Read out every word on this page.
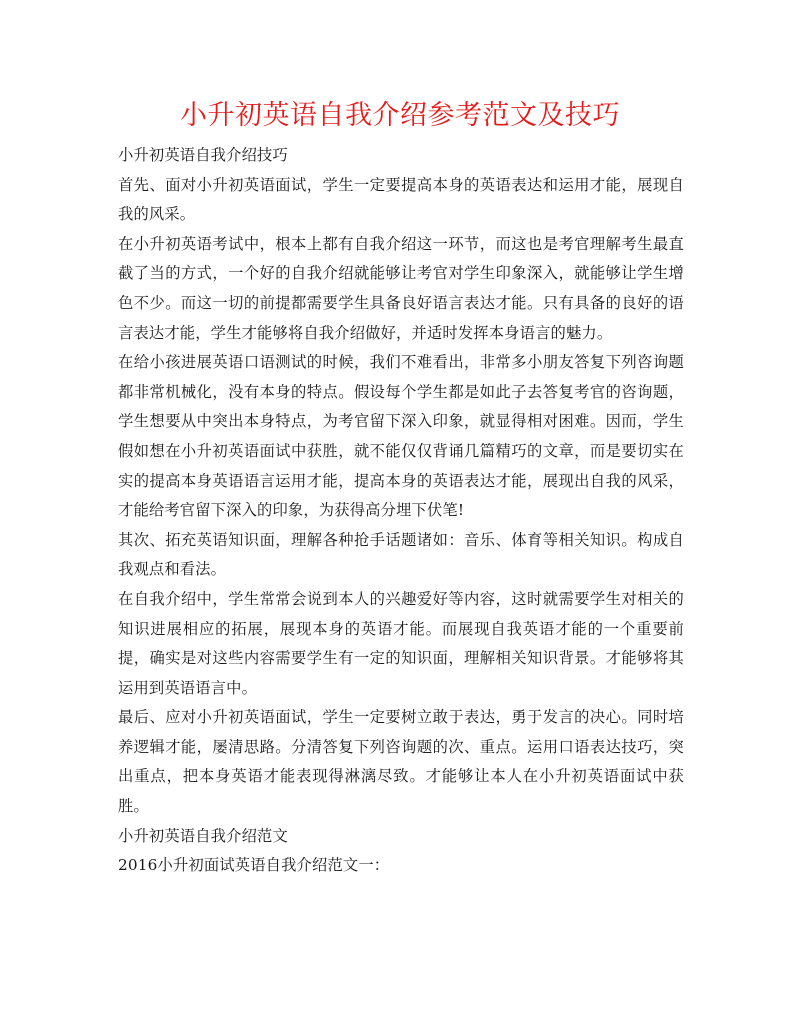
小升初英语自我介绍参考范文及技巧

小升初英语自我介绍技巧

首先、面对小升初英语面试，学生一定要提高本身的英语表达和运用才能，展现自我的风采。

在小升初英语考试中，根本上都有自我介绍这一环节，而这也是考官理解考生最直截了当的方式，一个好的自我介绍就能够让考官对学生印象深入，就能够让学生增色不少。而这一切的前提都需要学生具备良好语言表达才能。只有具备的良好的语言表达才能，学生才能够将自我介绍做好，并适时发挥本身语言的魅力。

在给小孩进展英语口语测试的时候，我们不难看出，非常多小朋友答复下列咨询题都非常机械化，没有本身的特点。假设每个学生都是如此子去答复考官的咨询题，学生想要从中突出本身特点，为考官留下深入印象，就显得相对困难。因而，学生假如想在小升初英语面试中获胜，就不能仅仅背诵几篇精巧的文章，而是要切实在实的提高本身英语语言运用才能，提高本身的英语表达才能，展现出自我的风采，才能给考官留下深入的印象，为获得高分埋下伏笔!

其次、拓充英语知识面，理解各种抢手话题诸如：音乐、体育等相关知识。构成自我观点和看法。

在自我介绍中，学生常常会说到本人的兴趣爱好等内容，这时就需要学生对相关的知识进展相应的拓展，展现本身的英语才能。而展现自我英语才能的一个重要前提，确实是对这些内容需要学生有一定的知识面，理解相关知识背景。才能够将其运用到英语语言中。

最后、应对小升初英语面试，学生一定要树立敢于表达，勇于发言的决心。同时培养逻辑才能，屡清思路。分清答复下列咨询题的次、重点。运用口语表达技巧，突出重点，把本身英语才能表现得淋漓尽致。才能够让本人在小升初英语面试中获胜。

小升初英语自我介绍范文

2016小升初面试英语自我介绍范文一：
